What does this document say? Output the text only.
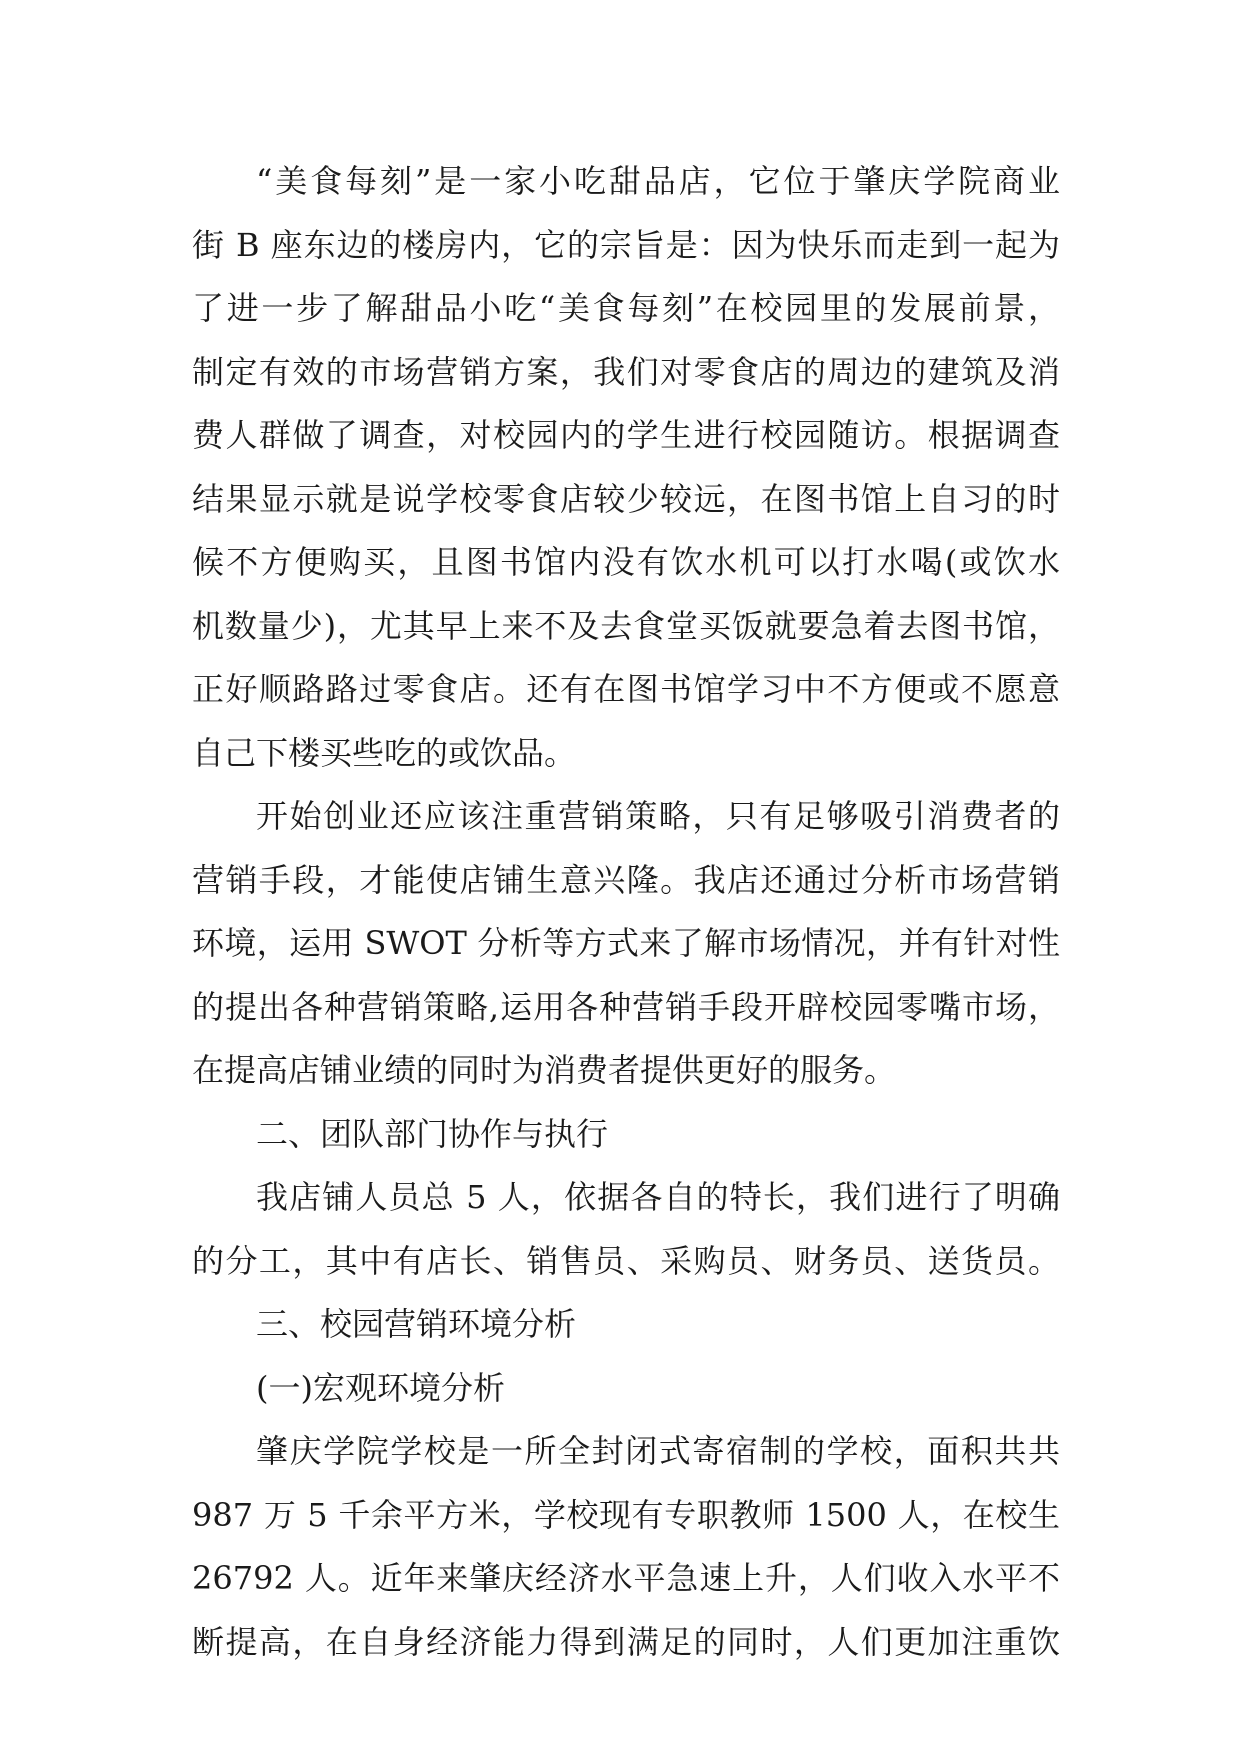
“美食每刻”是一家小吃甜品店，它位于肇庆学院商业
街 B 座东边的楼房内，它的宗旨是：因为快乐而走到一起为
了进一步了解甜品小吃“美食每刻”在校园里的发展前景，
制定有效的市场营销方案，我们对零食店的周边的建筑及消
费人群做了调查，对校园内的学生进行校园随访。根据调查
结果显示就是说学校零食店较少较远，在图书馆上自习的时
候不方便购买，且图书馆内没有饮水机可以打水喝(或饮水
机数量少)，尤其早上来不及去食堂买饭就要急着去图书馆，
正好顺路路过零食店。还有在图书馆学习中不方便或不愿意
自己下楼买些吃的或饮品。
开始创业还应该注重营销策略，只有足够吸引消费者的
营销手段，才能使店铺生意兴隆。我店还通过分析市场营销
环境，运用 SWOT 分析等方式来了解市场情况，并有针对性
的提出各种营销策略,运用各种营销手段开辟校园零嘴市场，
在提高店铺业绩的同时为消费者提供更好的服务。
二、团队部门协作与执行
我店铺人员总 5 人，依据各自的特长，我们进行了明确
的分工，其中有店长、销售员、采购员、财务员、送货员。
三、校园营销环境分析
(一)宏观环境分析
肇庆学院学校是一所全封闭式寄宿制的学校，面积共共
987 万 5 千余平方米，学校现有专职教师 1500 人，在校生
26792 人。近年来肇庆经济水平急速上升，人们收入水平不
断提高，在自身经济能力得到满足的同时，人们更加注重饮
